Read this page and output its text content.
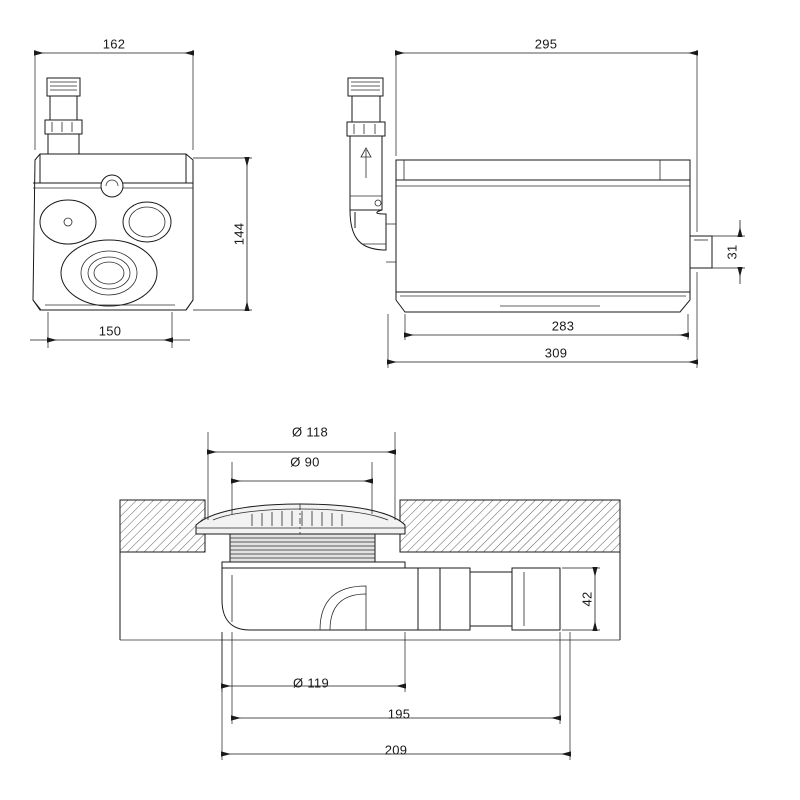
162
144
150
295
31
283
309
Ø 118
Ø 90
42
Ø 119
195
209
